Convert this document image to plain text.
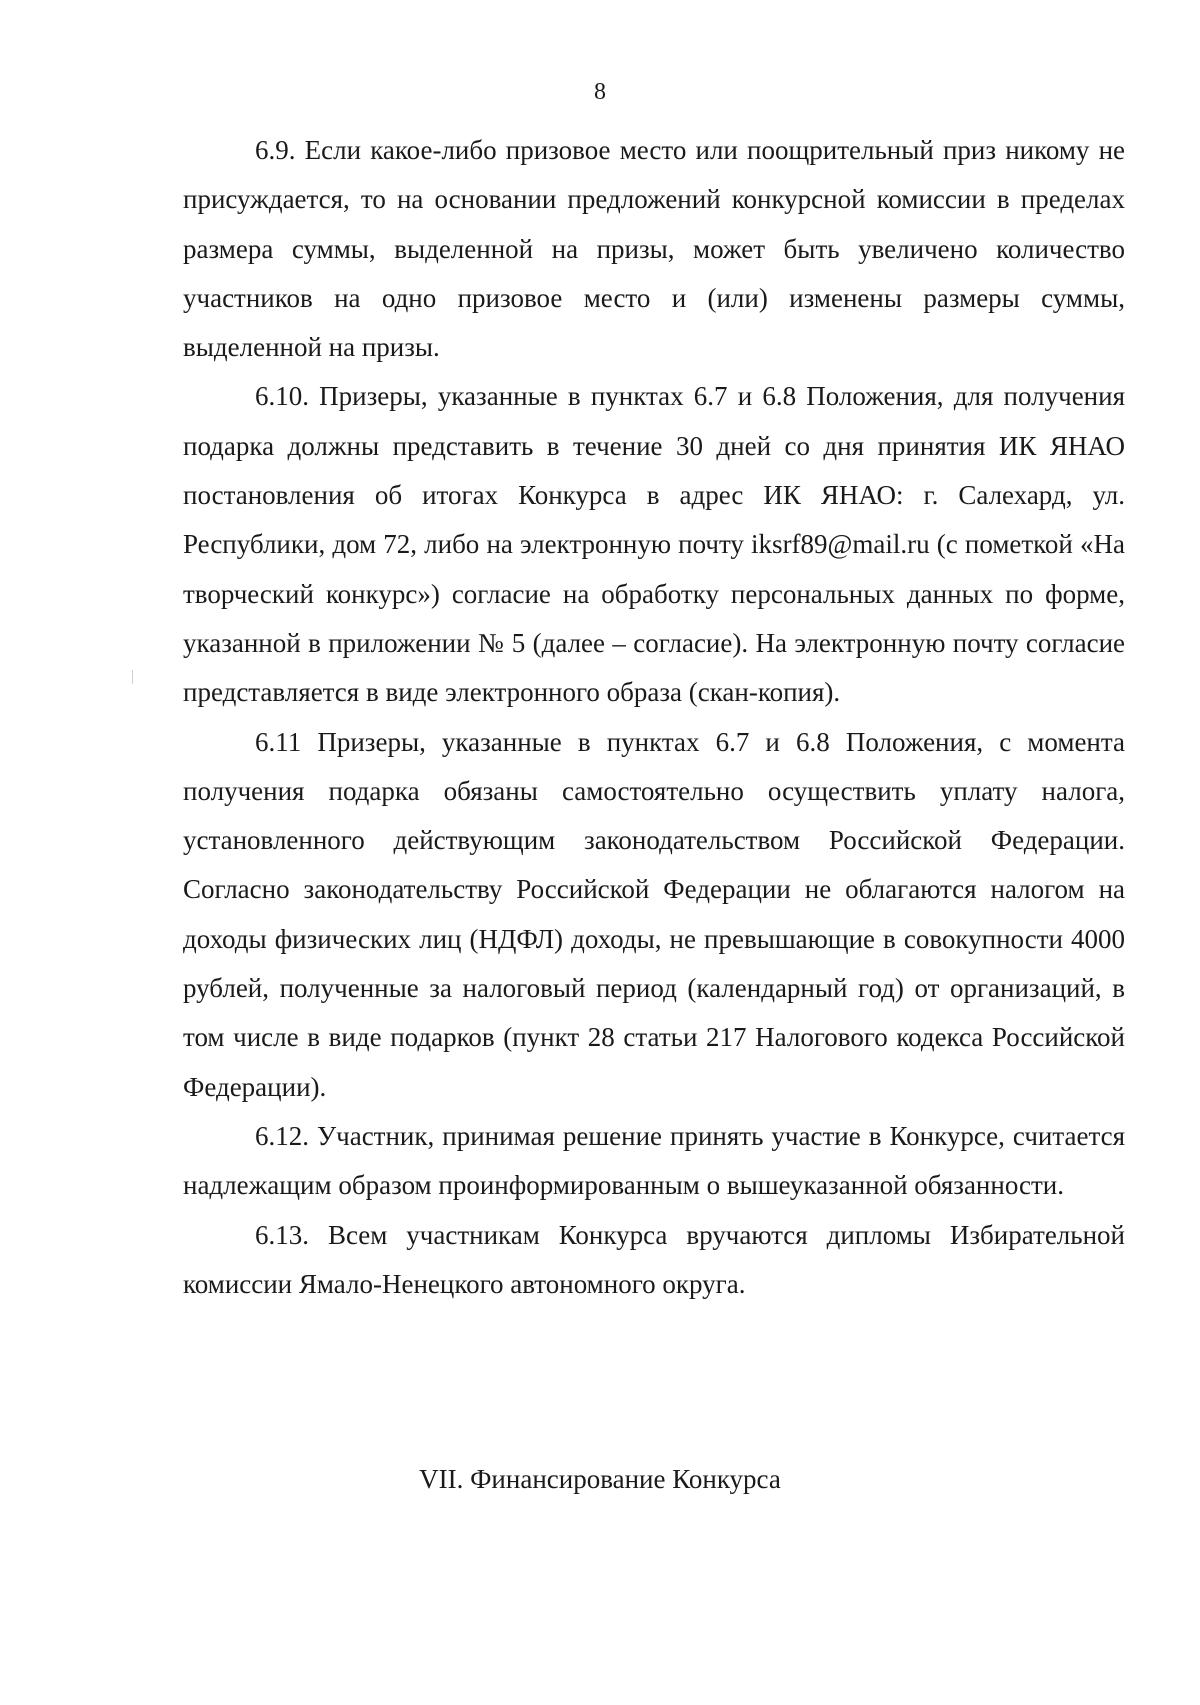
8

6.9. Если какое-либо призовое место или поощрительный приз никому не присуждается, то на основании предложений конкурсной комиссии в пределах размера суммы, выделенной на призы, может быть увеличено количество участников на одно призовое место и (или) изменены размеры суммы, выделенной на призы.

6.10. Призеры, указанные в пунктах 6.7 и 6.8 Положения, для получения подарка должны представить в течение 30 дней со дня принятия ИК ЯНАО постановления об итогах Конкурса в адрес ИК ЯНАО: г. Салехард, ул. Республики, дом 72, либо на электронную почту iksrf89@mail.ru (с пометкой «На творческий конкурс») согласие на обработку персональных данных по форме, указанной в приложении № 5 (далее – согласие). На электронную почту согласие представляется в виде электронного образа (скан-копия).

6.11 Призеры, указанные в пунктах 6.7 и 6.8 Положения, с момента получения подарка обязаны самостоятельно осуществить уплату налога, установленного действующим законодательством Российской Федерации. Согласно законодательству Российской Федерации не облагаются налогом на доходы физических лиц (НДФЛ) доходы, не превышающие в совокупности 4000 рублей, полученные за налоговый период (календарный год) от организаций, в том числе в виде подарков (пункт 28 статьи 217 Налогового кодекса Российской Федерации).

6.12. Участник, принимая решение принять участие в Конкурсе, считается надлежащим образом проинформированным о вышеуказанной обязанности.

6.13. Всем участникам Конкурса вручаются дипломы Избирательной комиссии Ямало-Ненецкого автономного округа.

VII. Финансирование Конкурса
